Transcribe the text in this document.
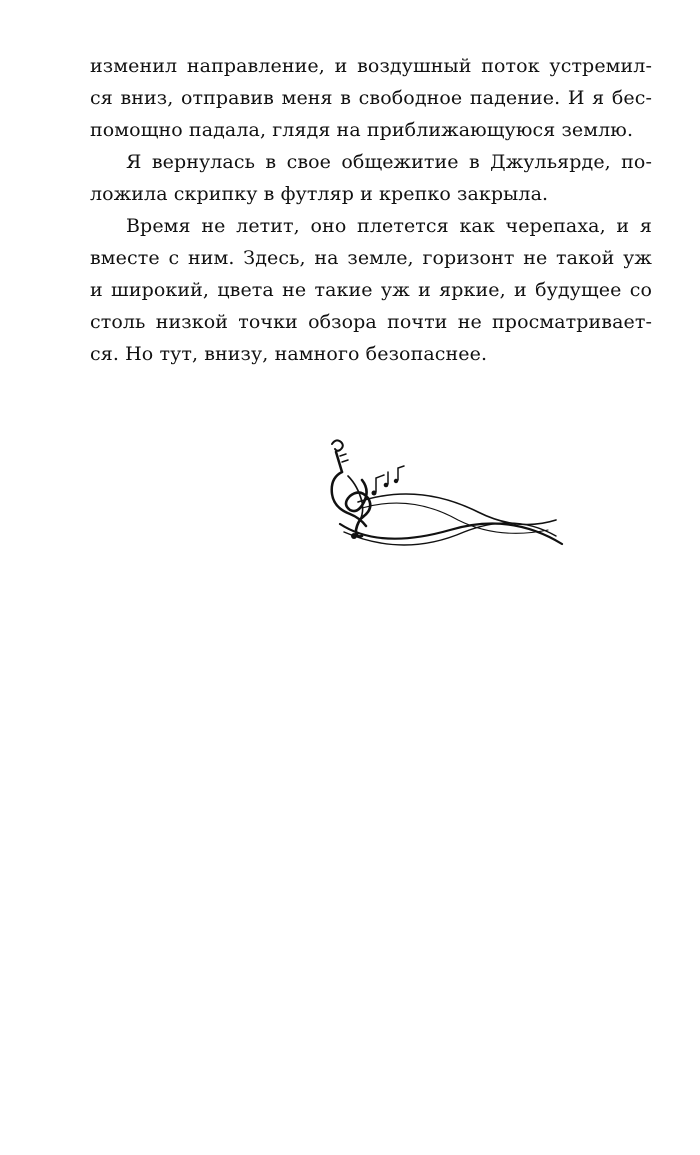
изменил направление, и воздушный поток устремил-
ся вниз, отправив меня в свободное падение. И я бес-
помощно падала, глядя на приближающуюся землю.
Я вернулась в свое общежитие в Джульярде, по-
ложила скрипку в футляр и крепко закрыла.
Время не летит, оно плетется как черепаха, и я
вместе с ним. Здесь, на земле, горизонт не такой уж
и широкий, цвета не такие уж и яркие, и будущее со
столь низкой точки обзора почти не просматривает-
ся. Но тут, внизу, намного безопаснее.
